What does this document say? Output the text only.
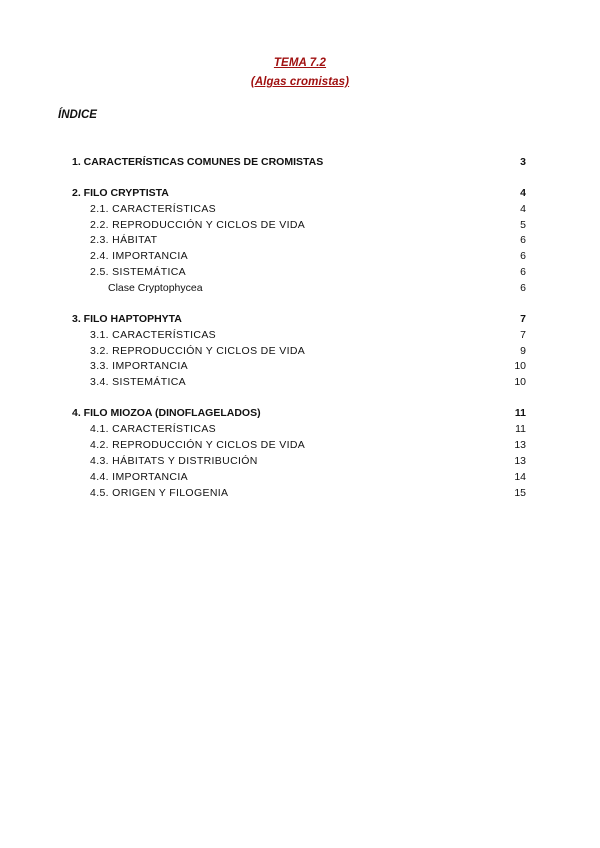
TEMA 7.2
(Algas cromistas)
ÍNDICE
1. CARACTERÍSTICAS COMUNES DE CROMISTAS	3
2. FILO CRYPTISTA	4
2.1. CARACTERÍSTICAS	4
2.2. REPRODUCCIÓN Y CICLOS DE VIDA	5
2.3. HÁBITAT	6
2.4. IMPORTANCIA	6
2.5. SISTEMÁTICA	6
Clase Cryptophycea	6
3. FILO HAPTOPHYTA	7
3.1. CARACTERÍSTICAS	7
3.2. REPRODUCCIÓN Y CICLOS DE VIDA	9
3.3. IMPORTANCIA	10
3.4. SISTEMÁTICA	10
4. FILO MIOZOA (DINOFLAGELADOS)	11
4.1. CARACTERÍSTICAS	11
4.2. REPRODUCCIÓN Y CICLOS DE VIDA	13
4.3. HÁBITATS Y DISTRIBUCIÓN	13
4.4. IMPORTANCIA	14
4.5. ORIGEN Y FILOGENIA	15
